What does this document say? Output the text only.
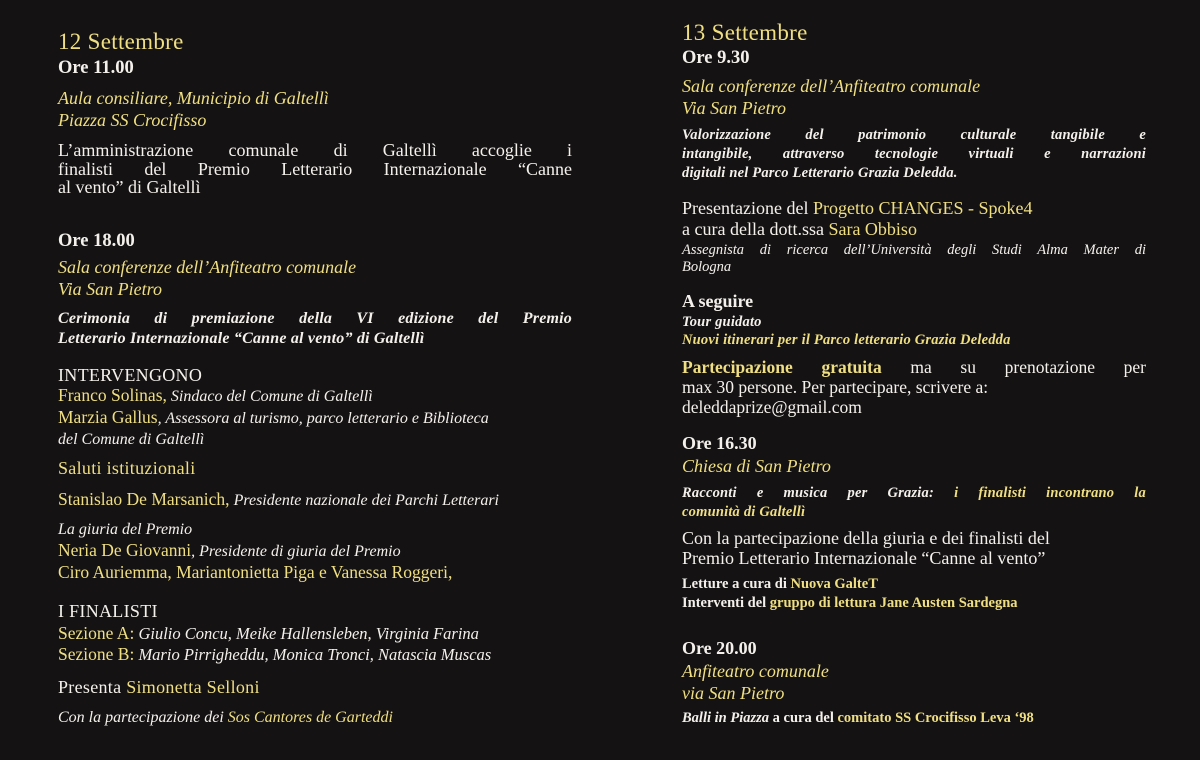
12 Settembre
Ore 11.00
Aula consiliare, Municipio di Galtellì
Piazza SS Crocifisso
L’amministrazione comunale di Galtellì accoglie i
finalisti del Premio Letterario Internazionale “Canne
al vento” di Galtellì
Ore 18.00
Sala conferenze dell’Anfiteatro comunale
Via San Pietro
Cerimonia di premiazione della VI edizione del Premio
Letterario Internazionale “Canne al vento” di Galtellì
INTERVENGONO
Franco Solinas, Sindaco del Comune di Galtellì
Marzia Gallus, Assessora al turismo, parco letterario e Biblioteca
del Comune di Galtellì
Saluti istituzionali
Stanislao De Marsanich, Presidente nazionale dei Parchi Letterari
La giuria del Premio
Neria De Giovanni, Presidente di giuria del Premio
Ciro Auriemma, Mariantonietta Piga e Vanessa Roggeri,
I FINALISTI
Sezione A: Giulio Concu, Meike Hallensleben, Virginia Farina
Sezione B: Mario Pirrigheddu, Monica Tronci, Natascia Muscas
Presenta Simonetta Selloni
Con la partecipazione dei Sos Cantores de Garteddi
13 Settembre
Ore 9.30
Sala conferenze dell’Anfiteatro comunale
Via San Pietro
Valorizzazione del patrimonio culturale tangibile e
intangibile, attraverso tecnologie virtuali e narrazioni
digitali nel Parco Letterario Grazia Deledda.
Presentazione del Progetto CHANGES - Spoke4
a cura della dott.ssa Sara Obbiso
Assegnista di ricerca dell’Università degli Studi Alma Mater di
Bologna
A seguire
Tour guidato
Nuovi itinerari per il Parco letterario Grazia Deledda
Partecipazione gratuita ma su prenotazione per
max 30 persone. Per partecipare, scrivere a:
deleddaprize@gmail.com
Ore 16.30
Chiesa di San Pietro
Racconti e musica per Grazia: i finalisti incontrano la
comunità di Galtellì
Con la partecipazione della giuria e dei finalisti del
Premio Letterario Internazionale “Canne al vento”
Letture a cura di Nuova GalteT
Interventi del gruppo di lettura Jane Austen Sardegna
Ore 20.00
Anfiteatro comunale
via San Pietro
Balli in Piazza a cura del comitato SS Crocifisso Leva ‘98
